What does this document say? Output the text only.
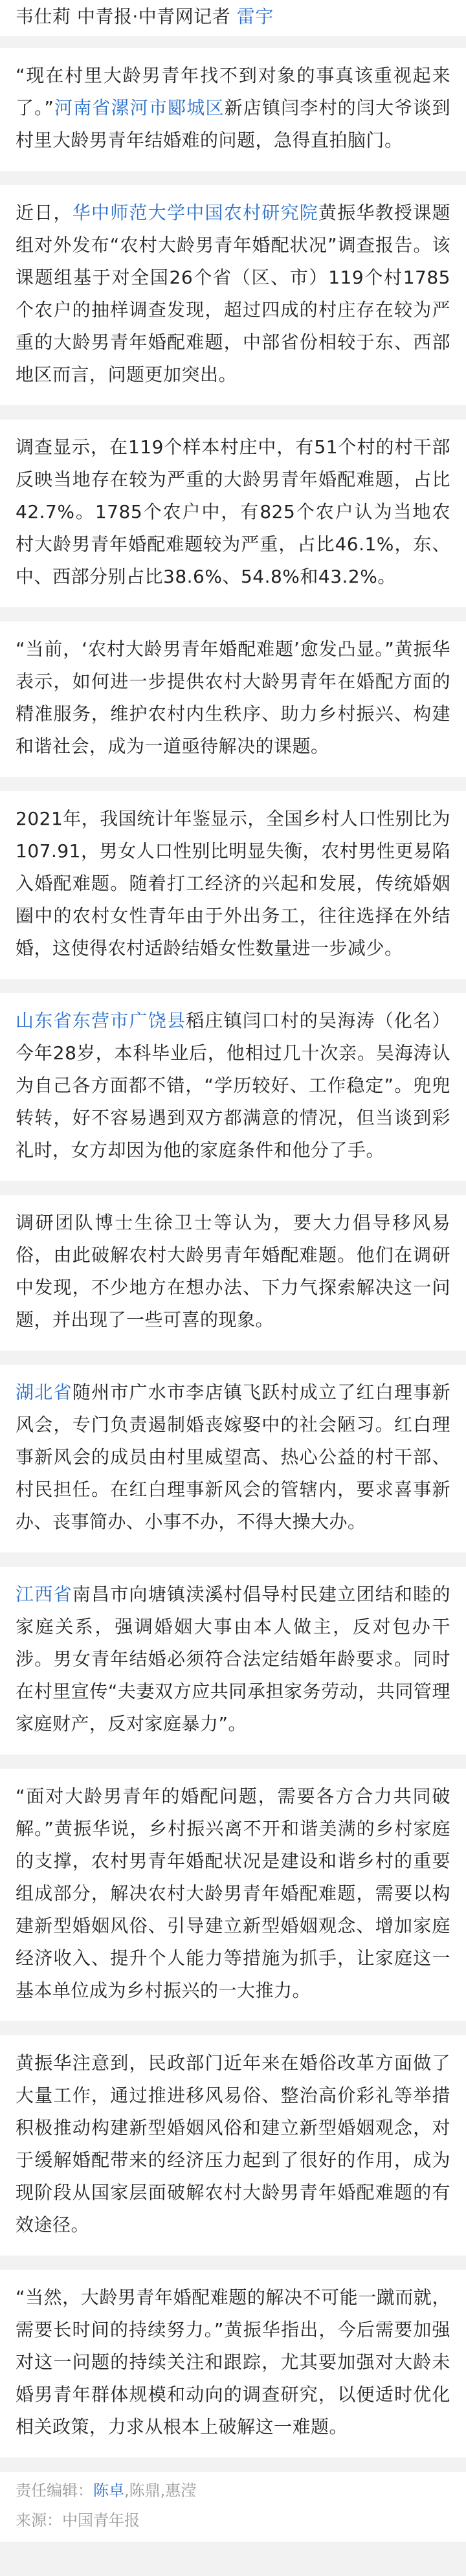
韦仕莉 中青报·中青网记者 雷宇
“现在村里大龄男青年找不到对象的事真该重视起来了。”河南省漯河市郾城区新店镇闫李村的闫大爷谈到村里大龄男青年结婚难的问题，急得直拍脑门。
近日，华中师范大学中国农村研究院黄振华教授课题组对外发布“农村大龄男青年婚配状况”调查报告。该课题组基于对全国26个省（区、市）119个村1785个农户的抽样调查发现，超过四成的村庄存在较为严重的大龄男青年婚配难题，中部省份相较于东、西部地区而言，问题更加突出。
调查显示，在119个样本村庄中，有51个村的村干部反映当地存在较为严重的大龄男青年婚配难题，占比42.7%。1785个农户中，有825个农户认为当地农村大龄男青年婚配难题较为严重，占比46.1%，东、中、西部分别占比38.6%、54.8%和43.2%。
“当前，‘农村大龄男青年婚配难题’愈发凸显。”黄振华表示，如何进一步提供农村大龄男青年在婚配方面的精准服务，维护农村内生秩序、助力乡村振兴、构建和谐社会，成为一道亟待解决的课题。
2021年，我国统计年鉴显示，全国乡村人口性别比为107.91，男女人口性别比明显失衡，农村男性更易陷入婚配难题。随着打工经济的兴起和发展，传统婚姻圈中的农村女性青年由于外出务工，往往选择在外结婚，这使得农村适龄结婚女性数量进一步减少。
山东省东营市广饶县稻庄镇闫口村的吴海涛（化名）今年28岁，本科毕业后，他相过几十次亲。吴海涛认为自己各方面都不错，“学历较好、工作稳定”。兜兜转转，好不容易遇到双方都满意的情况，但当谈到彩礼时，女方却因为他的家庭条件和他分了手。
调研团队博士生徐卫士等认为，要大力倡导移风易俗，由此破解农村大龄男青年婚配难题。他们在调研中发现，不少地方在想办法、下力气探索解决这一问题，并出现了一些可喜的现象。
湖北省随州市广水市李店镇飞跃村成立了红白理事新风会，专门负责遏制婚丧嫁娶中的社会陋习。红白理事新风会的成员由村里威望高、热心公益的村干部、村民担任。在红白理事新风会的管辖内，要求喜事新办、丧事简办、小事不办，不得大操大办。
江西省南昌市向塘镇渎溪村倡导村民建立团结和睦的家庭关系，强调婚姻大事由本人做主，反对包办干涉。男女青年结婚必须符合法定结婚年龄要求。同时在村里宣传“夫妻双方应共同承担家务劳动，共同管理家庭财产，反对家庭暴力”。
“面对大龄男青年的婚配问题，需要各方合力共同破解。”黄振华说，乡村振兴离不开和谐美满的乡村家庭的支撑，农村男青年婚配状况是建设和谐乡村的重要组成部分，解决农村大龄男青年婚配难题，需要以构建新型婚姻风俗、引导建立新型婚姻观念、增加家庭经济收入、提升个人能力等措施为抓手，让家庭这一基本单位成为乡村振兴的一大推力。
黄振华注意到，民政部门近年来在婚俗改革方面做了大量工作，通过推进移风易俗、整治高价彩礼等举措积极推动构建新型婚姻风俗和建立新型婚姻观念，对于缓解婚配带来的经济压力起到了很好的作用，成为现阶段从国家层面破解农村大龄男青年婚配难题的有效途径。
“当然，大龄男青年婚配难题的解决不可能一蹴而就，需要长时间的持续努力。”黄振华指出，今后需要加强对这一问题的持续关注和跟踪，尤其要加强对大龄未婚男青年群体规模和动向的调查研究，以便适时优化相关政策，力求从根本上破解这一难题。
责任编辑：陈卓,陈鼎,惠滢
来源：中国青年报
